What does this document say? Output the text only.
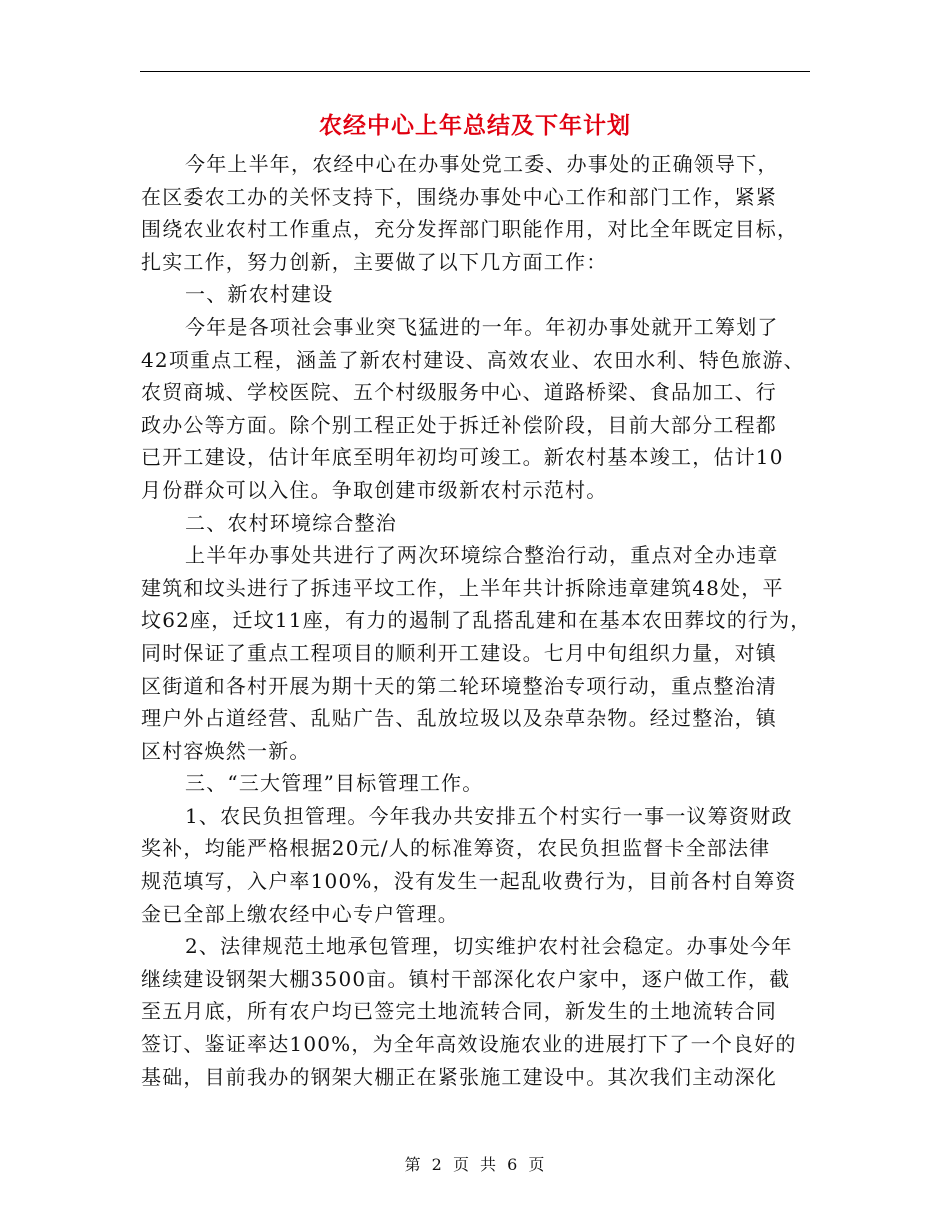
农经中心上年总结及下年计划
今年上半年，农经中心在办事处党工委、办事处的正确领导下，
在区委农工办的关怀支持下，围绕办事处中心工作和部门工作，紧紧
围绕农业农村工作重点，充分发挥部门职能作用，对比全年既定目标，
扎实工作，努力创新，主要做了以下几方面工作：
一、新农村建设
今年是各项社会事业突飞猛进的一年。年初办事处就开工筹划了
42项重点工程，涵盖了新农村建设、高效农业、农田水利、特色旅游、
农贸商城、学校医院、五个村级服务中心、道路桥梁、食品加工、行
政办公等方面。除个别工程正处于拆迁补偿阶段，目前大部分工程都
已开工建设，估计年底至明年初均可竣工。新农村基本竣工，估计10
月份群众可以入住。争取创建市级新农村示范村。
二、农村环境综合整治
上半年办事处共进行了两次环境综合整治行动，重点对全办违章
建筑和坟头进行了拆违平坟工作，上半年共计拆除违章建筑48处，平
坟62座，迁坟11座，有力的遏制了乱搭乱建和在基本农田葬坟的行为，
同时保证了重点工程项目的顺利开工建设。七月中旬组织力量，对镇
区街道和各村开展为期十天的第二轮环境整治专项行动，重点整治清
理户外占道经营、乱贴广告、乱放垃圾以及杂草杂物。经过整治，镇
区村容焕然一新。
三、“三大管理”目标管理工作。
1、农民负担管理。今年我办共安排五个村实行一事一议筹资财政
奖补，均能严格根据20元/人的标准筹资，农民负担监督卡全部法律
规范填写，入户率100%，没有发生一起乱收费行为，目前各村自筹资
金已全部上缴农经中心专户管理。
2、法律规范土地承包管理，切实维护农村社会稳定。办事处今年
继续建设钢架大棚3500亩。镇村干部深化农户家中，逐户做工作，截
至五月底，所有农户均已签完土地流转合同，新发生的土地流转合同
签订、鉴证率达100%，为全年高效设施农业的进展打下了一个良好的
基础，目前我办的钢架大棚正在紧张施工建设中。其次我们主动深化
第 2 页 共 6 页
